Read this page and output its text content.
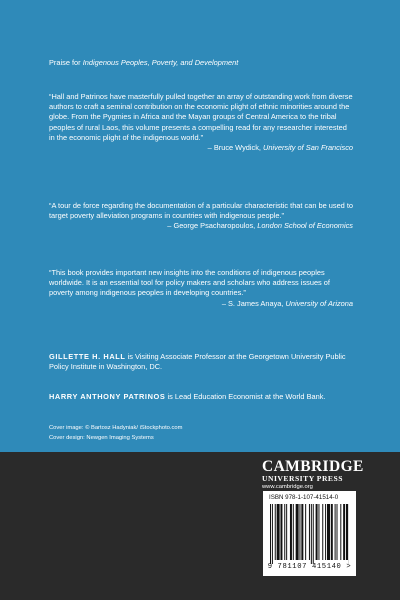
Praise for Indigenous Peoples, Poverty, and Development

“Hall and Patrinos have masterfully pulled together an array of outstanding work from diverse authors to craft a seminal contribution on the economic plight of ethnic minorities around the globe. From the Pygmies in Africa and the Mayan groups of Central America to the tribal peoples of rural Laos, this volume presents a compelling read for any researcher interested in the economic plight of the indigenous world.”

– Bruce Wydick, University of San Francisco

“A tour de force regarding the documentation of a particular characteristic that can be used to target poverty alleviation programs in countries with indigenous people.”

– George Psacharopoulos, London School of Economics

“This book provides important new insights into the conditions of indigenous peoples worldwide. It is an essential tool for policy makers and scholars who address issues of poverty among indigenous peoples in developing countries.”

– S. James Anaya, University of Arizona

GILLETTE H. HALL is Visiting Associate Professor at the Georgetown University Public Policy Institute in Washington, DC.

HARRY ANTHONY PATRINOS is Lead Education Economist at the World Bank.

Cover image: © Bartosz Hadyniak/ iStockphoto.com
Cover design: Newgen Imaging Systems
CAMBRIDGE
UNIVERSITY PRESS
www.cambridge.org
ISBN 978-1-107-41514-0
9 781107 415140 >
